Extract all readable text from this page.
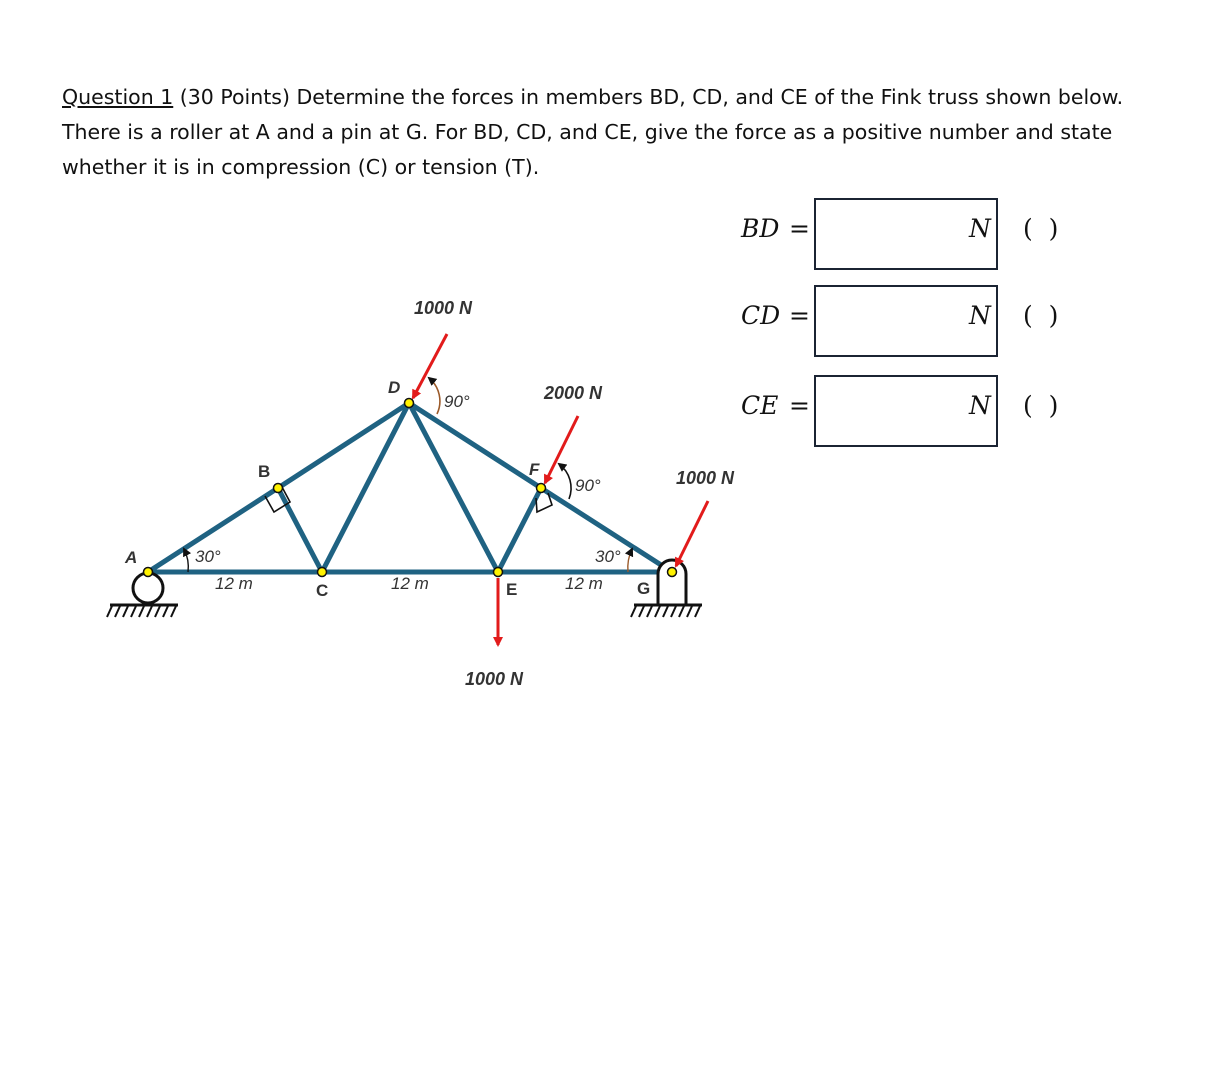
Question 1 (30 Points) Determine the forces in members BD, CD, and CE of the Fink truss shown below. There is a roller at A and a pin at G. For BD, CD, and CE, give the force as a positive number and state whether it is in compression (C) or tension (T).
BD =	N (  )
CD =	N (  )
CE =	N (  )
A
B
C
D
E
F
G
30°	30°
90°
90°
12 m	12 m	12 m
1000 N
2000 N
1000 N
1000 N
